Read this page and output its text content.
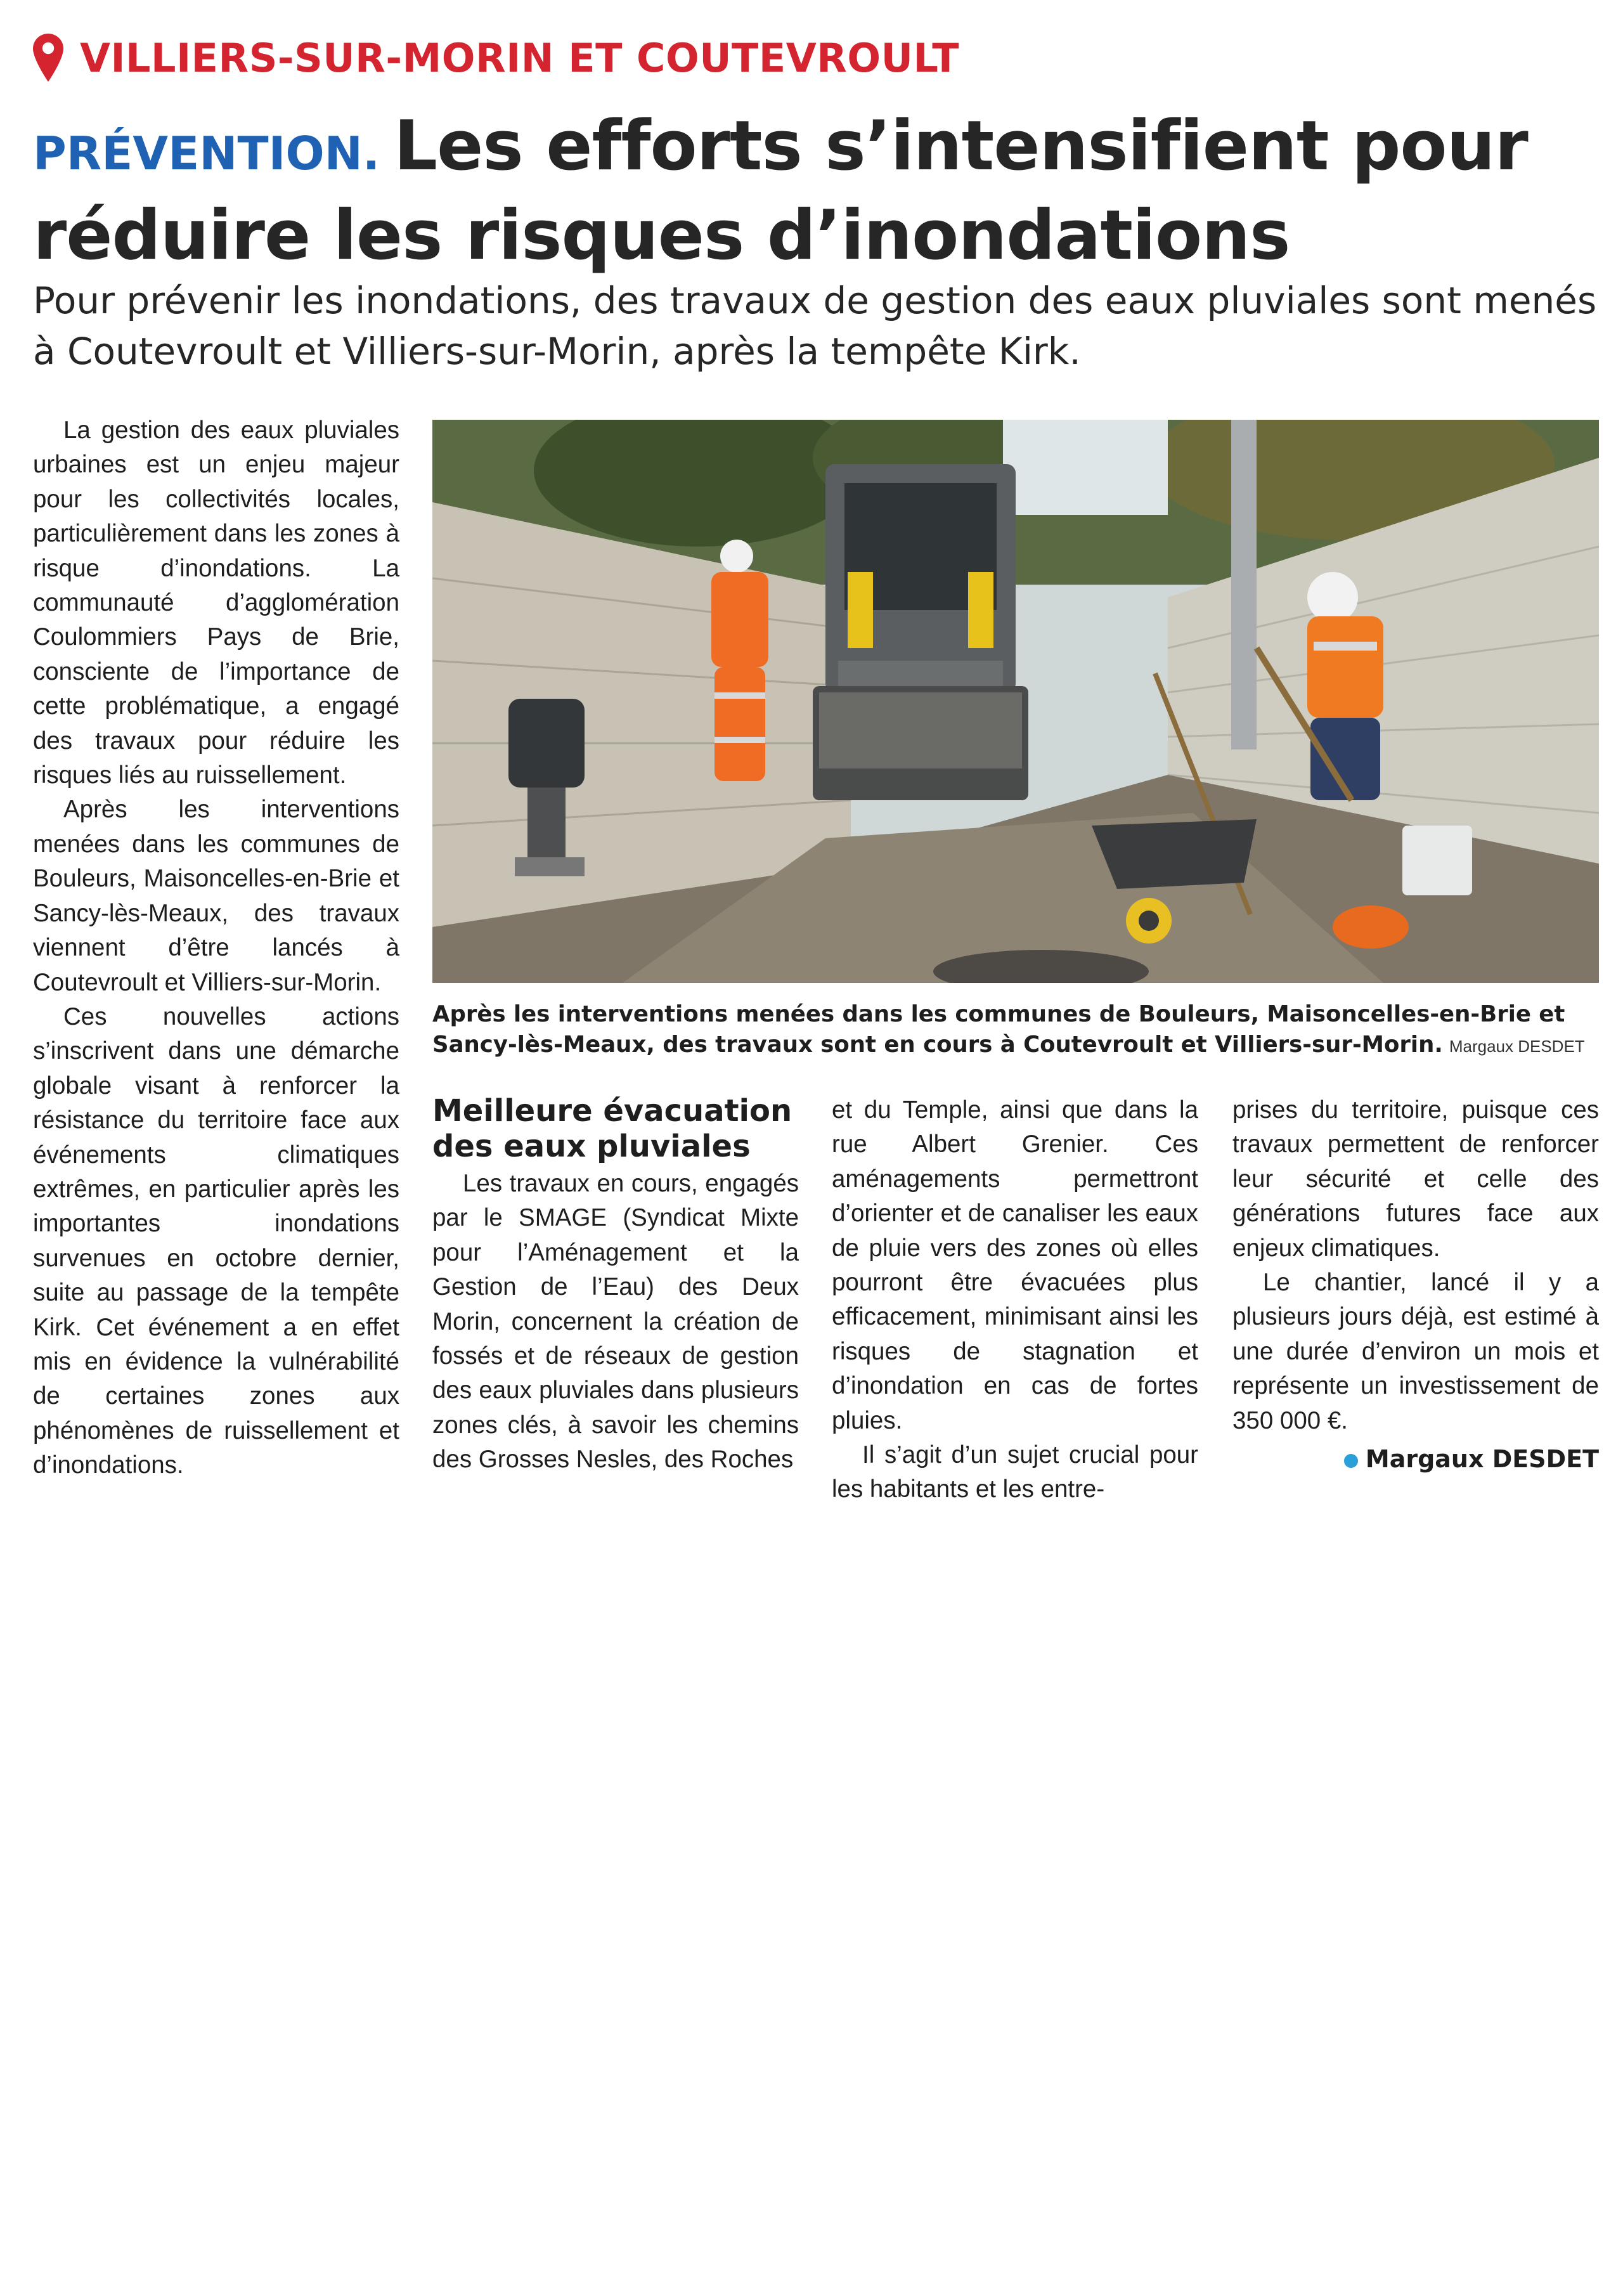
VILLIERS-SUR-MORIN ET COUTEVROULT
PRÉVENTION. Les efforts s’intensifient pour réduire les risques d’inondations

Pour prévenir les inondations, des travaux de gestion des eaux pluviales sont menés à Coutevroult et Villiers-sur-Morin, après la tempête Kirk.

La gestion des eaux pluviales urbaines est un enjeu majeur pour les collectivités locales, particulièrement dans les zones à risque d’inondations. La communauté d’agglomération Coulommiers Pays de Brie, consciente de l’importance de cette problématique, a engagé des travaux pour réduire les risques liés au ruissellement.

Après les interventions menées dans les communes de Bouleurs, Maisoncelles-en-Brie et Sancy-lès-Meaux, des travaux viennent d’être lancés à Coutevroult et Villiers-sur-Morin.

Ces nouvelles actions s’inscrivent dans une démarche globale visant à renforcer la résistance du territoire face aux événements climatiques extrêmes, en particulier après les importantes inondations survenues en octobre dernier, suite au passage de la tempête Kirk. Cet événement a en effet mis en évidence la vulnérabilité de certaines zones aux phénomènes de ruissellement et d’inondations.

Après les interventions menées dans les communes de Bouleurs, Maisoncelles-en-Brie et Sancy-lès-Meaux, des travaux sont en cours à Coutevroult et Villiers-sur-Morin. Margaux DESDET

Meilleure évacuation des eaux pluviales

Les travaux en cours, engagés par le SMAGE (Syndicat Mixte pour l’Aménagement et la Gestion de l’Eau) des Deux Morin, concernent la création de fossés et de réseaux de gestion des eaux pluviales dans plusieurs zones clés, à savoir les chemins des Grosses Nesles, des Roches

et du Temple, ainsi que dans la rue Albert Grenier. Ces aménagements permettront d’orienter et de canaliser les eaux de pluie vers des zones où elles pourront être évacuées plus efficacement, minimisant ainsi les risques de stagnation et d’inondation en cas de fortes pluies.

Il s’agit d’un sujet crucial pour les habitants et les entre-

prises du territoire, puisque ces travaux permettent de renforcer leur sécurité et celle des générations futures face aux enjeux climatiques.

Le chantier, lancé il y a plusieurs jours déjà, est estimé à une durée d’environ un mois et représente un investissement de 350 000 €.

Margaux DESDET
